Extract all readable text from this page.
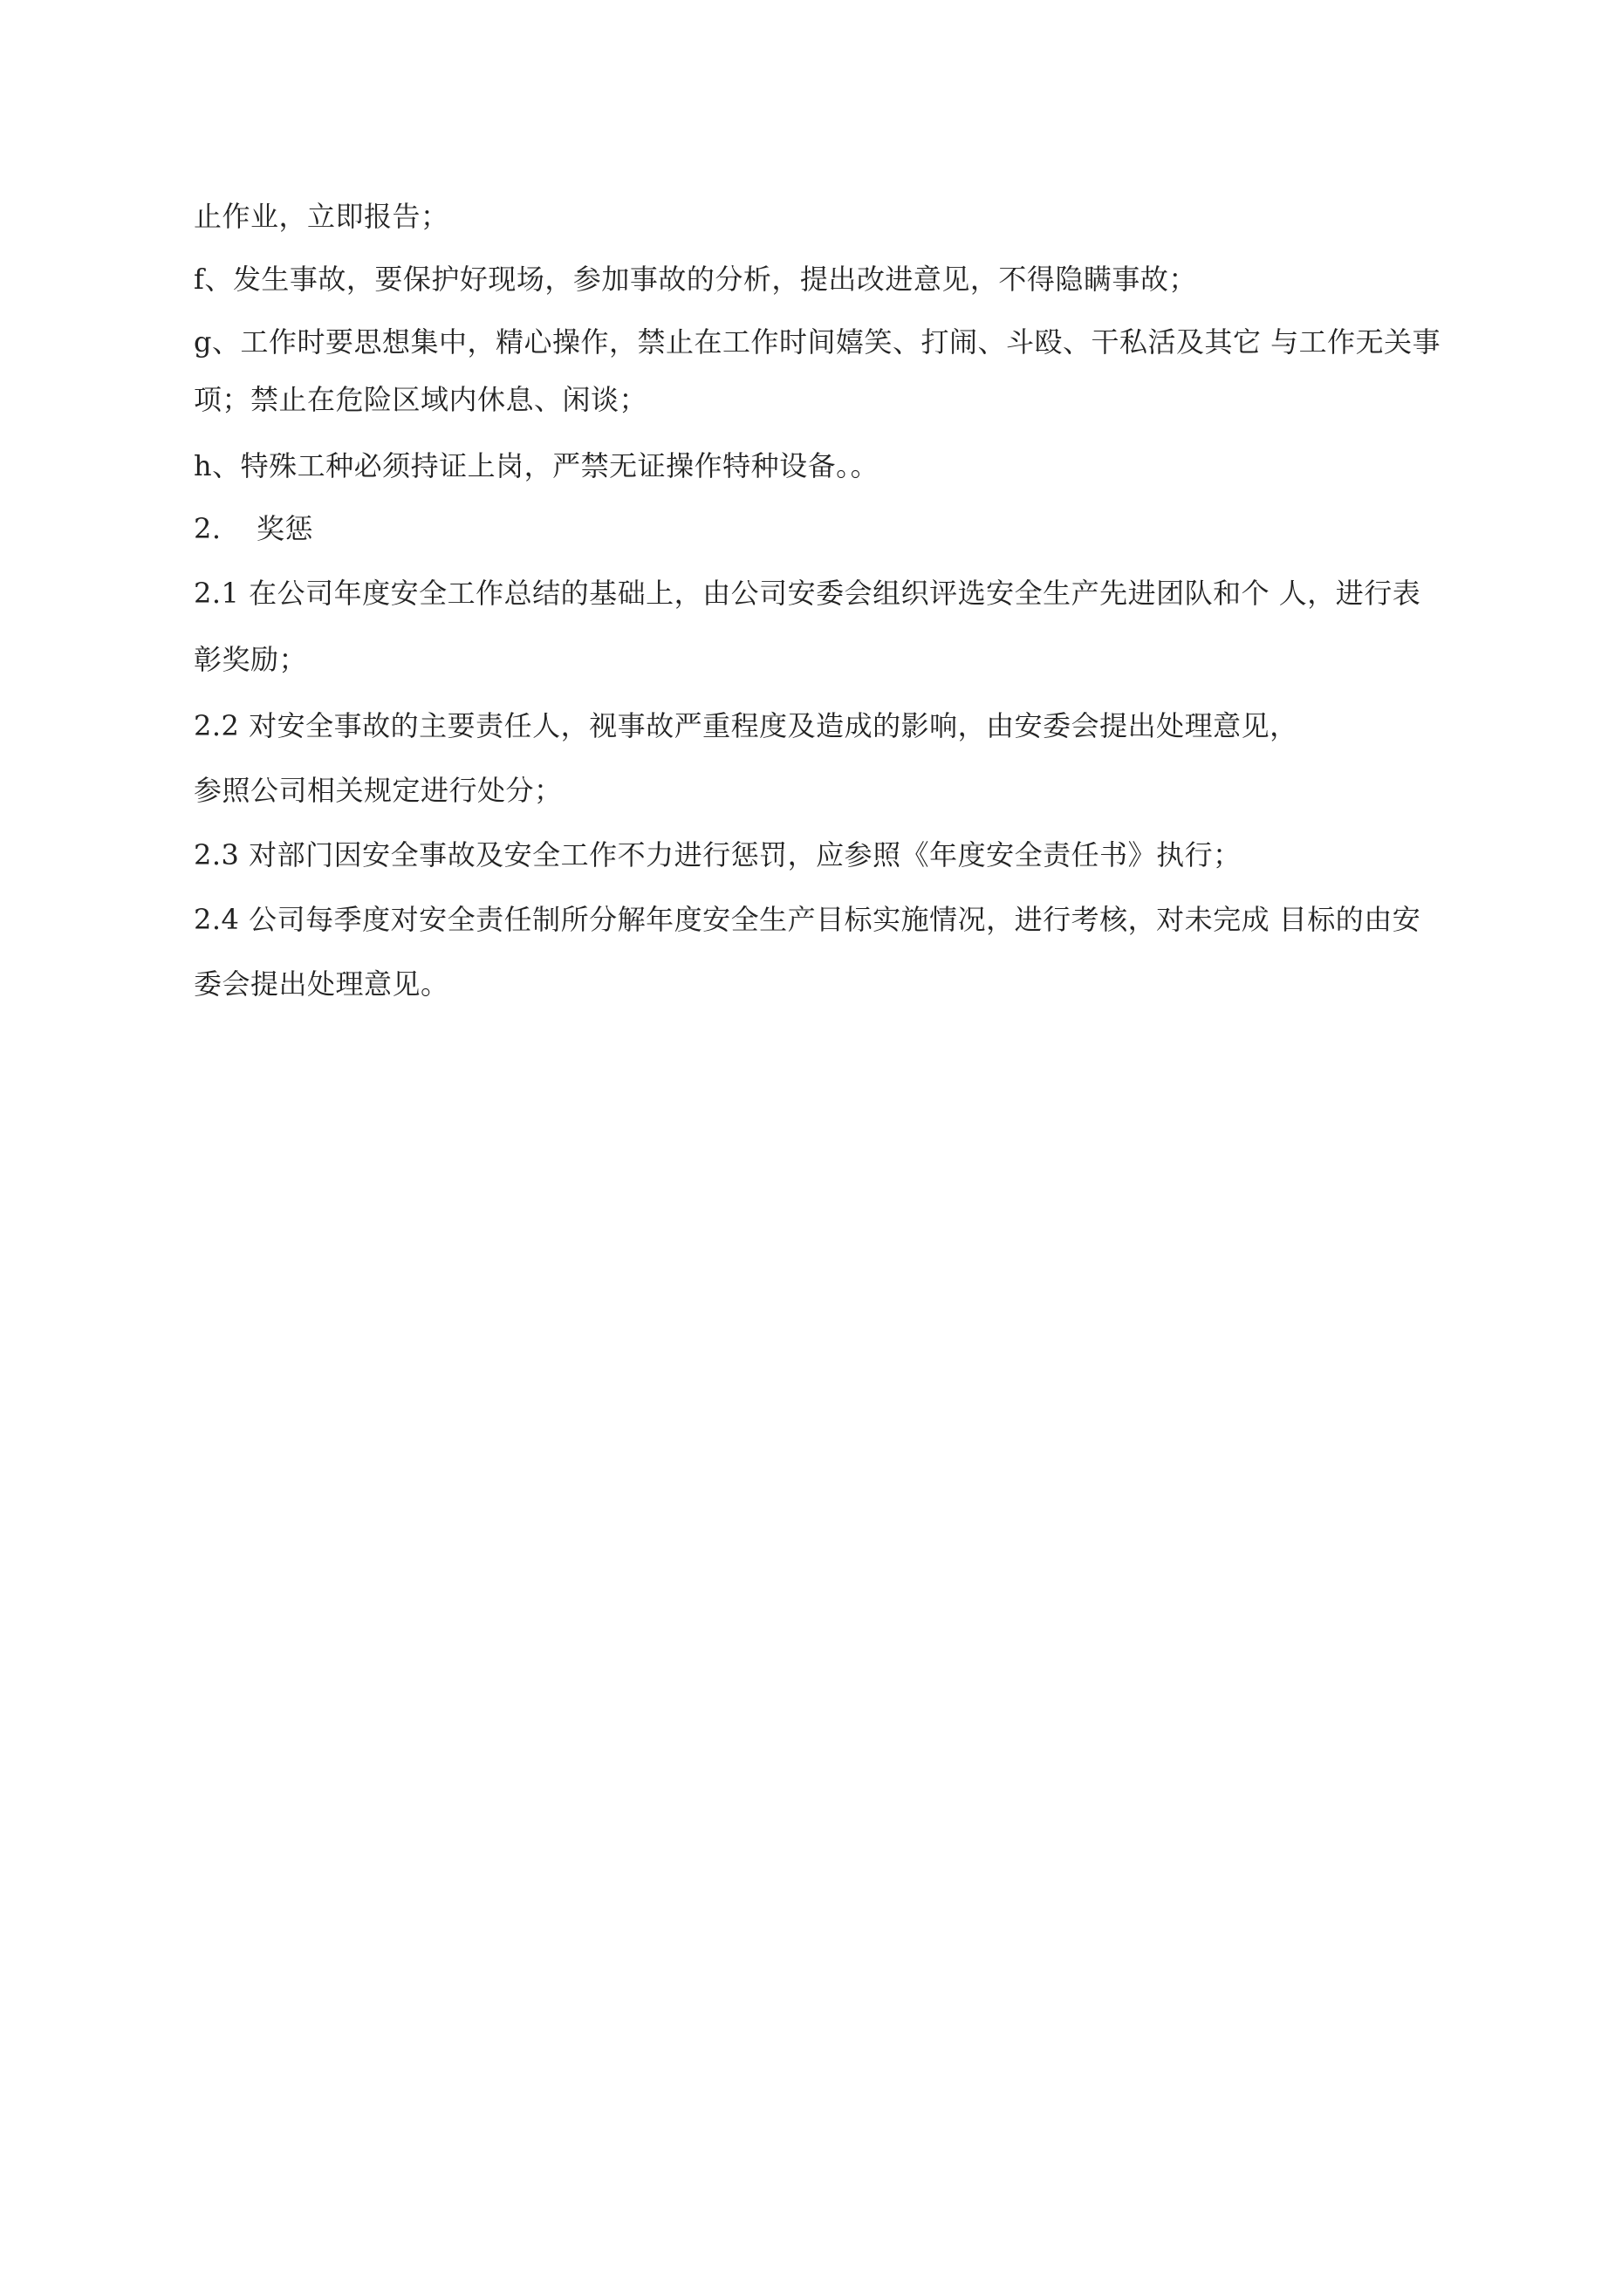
止作业，立即报告；
f、发生事故，要保护好现场，参加事故的分析，提出改进意见，不得隐瞒事故；
g、工作时要思想集中，精心操作，禁止在工作时间嬉笑、打闹、斗殴、干私活及其它 与工作无关事
项；禁止在危险区域内休息、闲谈；
h、特殊工种必须持证上岗，严禁无证操作特种设备。。
2. 奖惩
2.1 在公司年度安全工作总结的基础上，由公司安委会组织评选安全生产先进团队和个 人，进行表
彰奖励；
2.2 对安全事故的主要责任人，视事故严重程度及造成的影响，由安委会提出处理意见，
参照公司相关规定进行处分；
2.3 对部门因安全事故及安全工作不力进行惩罚，应参照《年度安全责任书》执行；
2.4 公司每季度对安全责任制所分解年度安全生产目标实施情况，进行考核，对未完成 目标的由安
委会提出处理意见。
